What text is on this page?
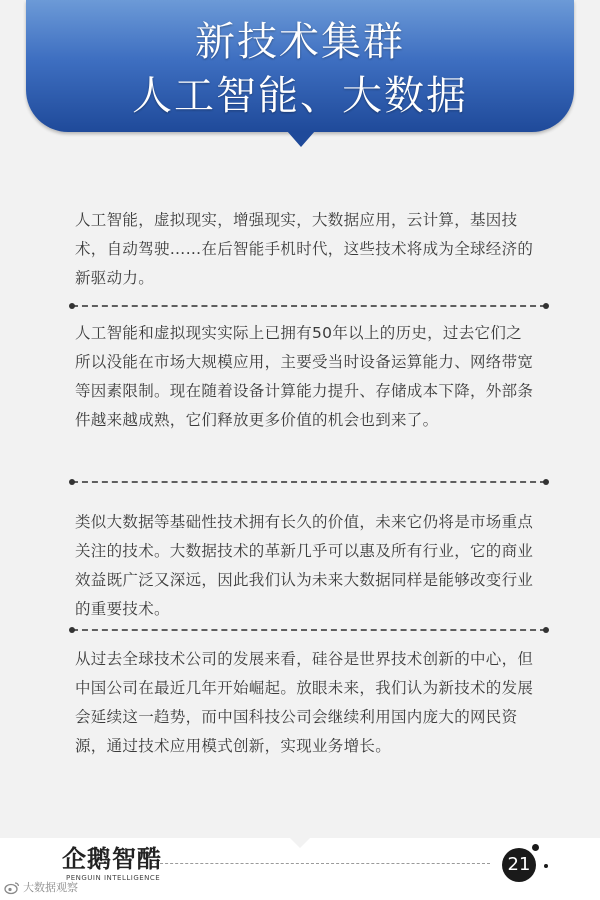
新技术集群
人工智能、大数据
人工智能，虚拟现实，增强现实，大数据应用，云计算，基因技术，自动驾驶……在后智能手机时代，这些技术将成为全球经济的新驱动力。
人工智能和虚拟现实实际上已拥有50年以上的历史，过去它们之所以没能在市场大规模应用，主要受当时设备运算能力、网络带宽等因素限制。现在随着设备计算能力提升、存储成本下降，外部条件越来越成熟，它们释放更多价值的机会也到来了。
类似大数据等基础性技术拥有长久的价值，未来它仍将是市场重点关注的技术。大数据技术的革新几乎可以惠及所有行业，它的商业效益既广泛又深远，因此我们认为未来大数据同样是能够改变行业的重要技术。
从过去全球技术公司的发展来看，硅谷是世界技术创新的中心，但中国公司在最近几年开始崛起。放眼未来，我们认为新技术的发展会延续这一趋势，而中国科技公司会继续利用国内庞大的网民资源，通过技术应用模式创新，实现业务增长。
企鹅智酷
PENGUIN INTELLIGENCE
21
大数据观察
